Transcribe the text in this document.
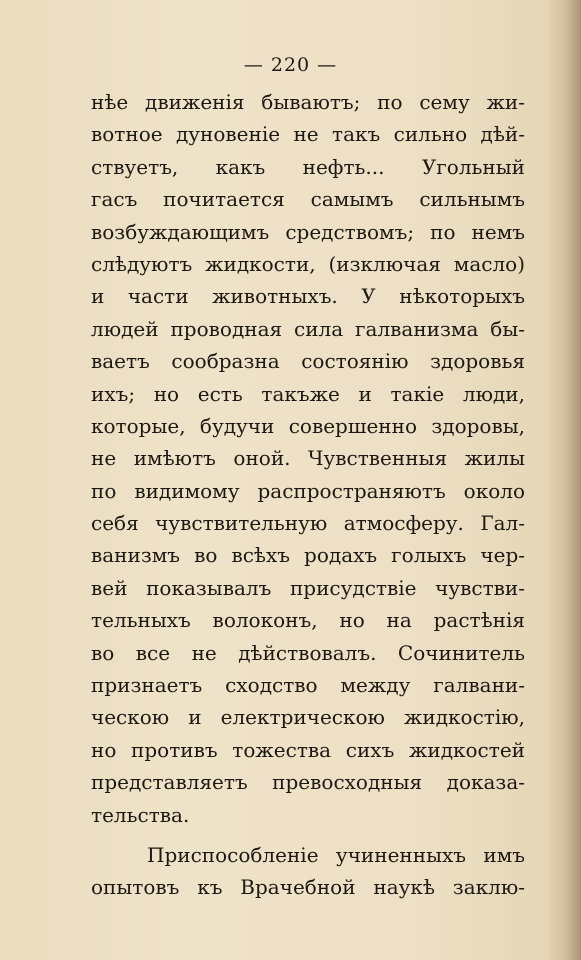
— 220 —
нѣе движенія бываютъ; по сему жи-
вотное дуновеніе не такъ сильно дѣй-
ствуетъ, какъ нефть... Угольный
гасъ почитается самымъ сильнымъ
возбуждающимъ средствомъ; по немъ
слѣдуютъ жидкости, (изключая масло)
и части животныхъ. У нѣкоторыхъ
людей проводная сила галванизма бы-
ваетъ сообразна состоянію здоровья
ихъ; но есть такъже и такіе люди,
которые, будучи совершенно здоровы,
не имѣютъ оной. Чувственныя жилы
по видимому распространяютъ около
себя чувствительную атмосферу. Гал-
ванизмъ во всѣхъ родахъ голыхъ чер-
вей показывалъ присудствіе чувстви-
тельныхъ волоконъ, но на растѣнія
во все не дѣйствовалъ. Сочинитель
признаетъ сходство между галвани-
ческою и електрическою жидкостію,
но противъ тожества сихъ жидкостей
представляетъ превосходныя доказа-
тельства.
Приспособленіе учиненныхъ имъ
опытовъ къ Врачебной наукѣ заклю-
